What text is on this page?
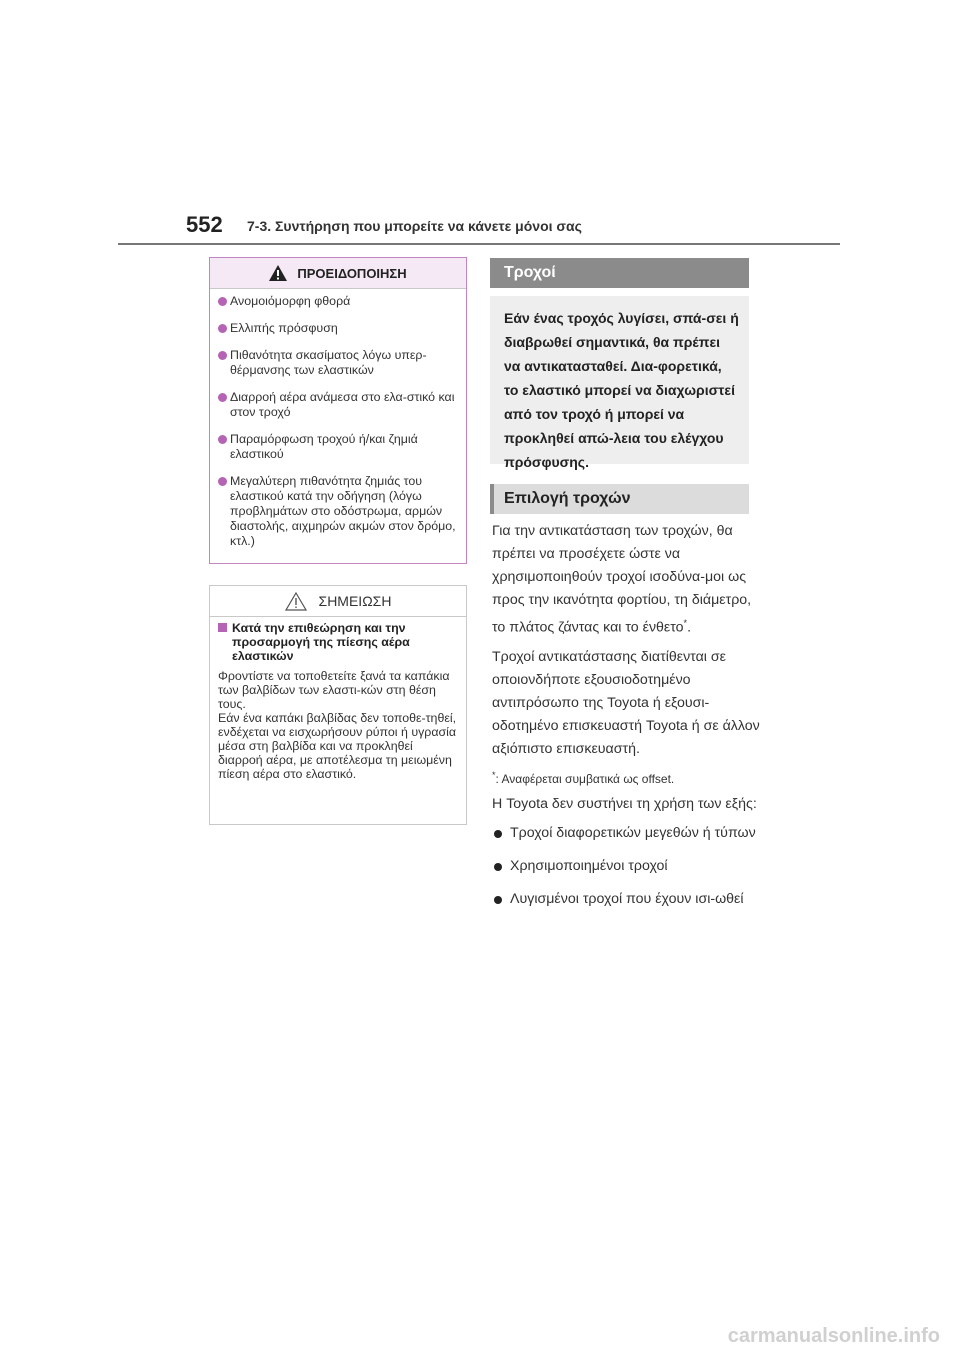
552 7-3. Συντήρηση που μπορείτε να κάνετε μόνοι σας
ΠΡΟΕΙΔΟΠΟΙΗΣΗ
Ανομοιόμορφη φθορά
Ελλιπής πρόσφυση
Πιθανότητα σκασίματος λόγω υπερ-θέρμανσης των ελαστικών
Διαρροή αέρα ανάμεσα στο ελα-στικό και στον τροχό
Παραμόρφωση τροχού ή/και ζημιά ελαστικού
Μεγαλύτερη πιθανότητα ζημιάς του ελαστικού κατά την οδήγηση (λόγω προβλημάτων στο οδόστρωμα, αρμών διαστολής, αιχμηρών ακμών στον δρόμο, κτλ.)
ΣΗΜΕΙΩΣΗ
Κατά την επιθεώρηση και την προσαρμογή της πίεσης αέρα ελαστικών

Φροντίστε να τοποθετείτε ξανά τα καπάκια των βαλβίδων των ελαστι-κών στη θέση τους.

Εάν ένα καπάκι βαλβίδας δεν τοποθε-τηθεί, ενδέχεται να εισχωρήσουν ρύποι ή υγρασία μέσα στη βαλβίδα και να προκληθεί διαρροή αέρα, με αποτέλεσμα τη μειωμένη πίεση αέρα στο ελαστικό.

Τροχοί
Εάν ένας τροχός λυγίσει, σπά-σει ή διαβρωθεί σημαντικά, θα πρέπει να αντικατασταθεί. Δια-φορετικά, το ελαστικό μπορεί να διαχωριστεί από τον τροχό ή μπορεί να προκληθεί απώ-λεια του ελέγχου πρόσφυσης.
Επιλογή τροχών

Για την αντικατάσταση των τροχών, θα πρέπει να προσέχετε ώστε να χρησιμοποιηθούν τροχοί ισοδύνα-μοι ως προς την ικανότητα φορτίου, τη διάμετρο, το πλάτος ζάντας και το ένθετο*.

Τροχοί αντικατάστασης διατίθενται σε οποιονδήποτε εξουσιοδοτημένο αντιπρόσωπο της Toyota ή εξουσι-οδοτημένο επισκευαστή Toyota ή σε άλλον αξιόπιστο επισκευαστή.

*: Αναφέρεται συμβατικά ως offset.

Η Toyota δεν συστήνει τη χρήση των εξής:

Τροχοί διαφορετικών μεγεθών ή τύπων
Χρησιμοποιημένοι τροχοί
Λυγισμένοι τροχοί που έχουν ισι-ωθεί
carmanualsonline.info
